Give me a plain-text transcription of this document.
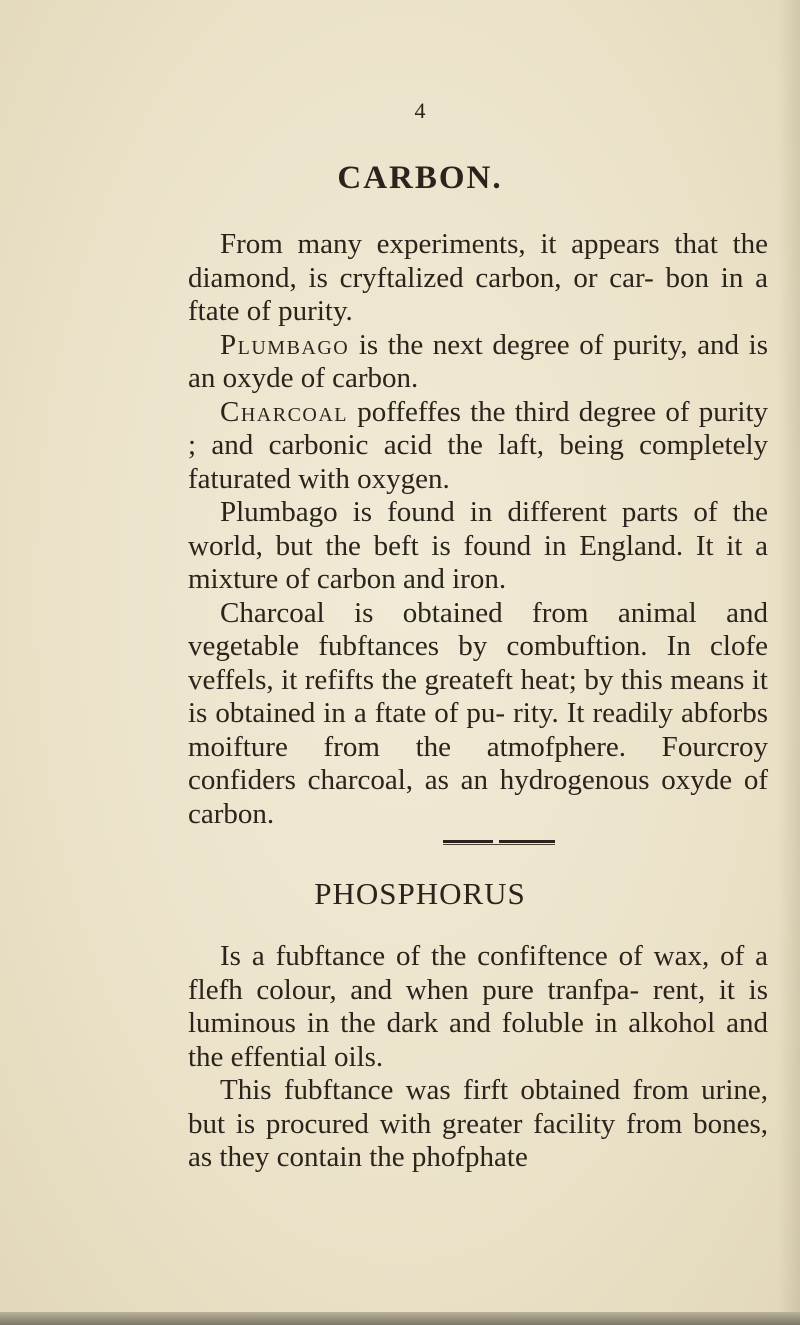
4
CARBON.

From many experiments, it appears that the diamond, is cryftalized carbon, or car- bon in a ftate of purity.

Plumbago is the next degree of purity, and is an oxyde of carbon.

Charcoal poffeffes the third degree of purity ; and carbonic acid the laft, being completely faturated with oxygen.

Plumbago is found in different parts of the world, but the beft is found in England. It it a mixture of carbon and iron.

Charcoal is obtained from animal and vegetable fubftances by combuftion. In clofe veffels, it refifts the greateft heat; by this means it is obtained in a ftate of pu- rity. It readily abforbs moifture from the atmofphere. Fourcroy confiders charcoal, as an hydrogenous oxyde of carbon.

PHOSPHORUS

Is a fubftance of the confiftence of wax, of a flefh colour, and when pure tranfpa- rent, it is luminous in the dark and foluble in alkohol and the effential oils.

This fubftance was firft obtained from urine, but is procured with greater facility from bones, as they contain the phofphate
